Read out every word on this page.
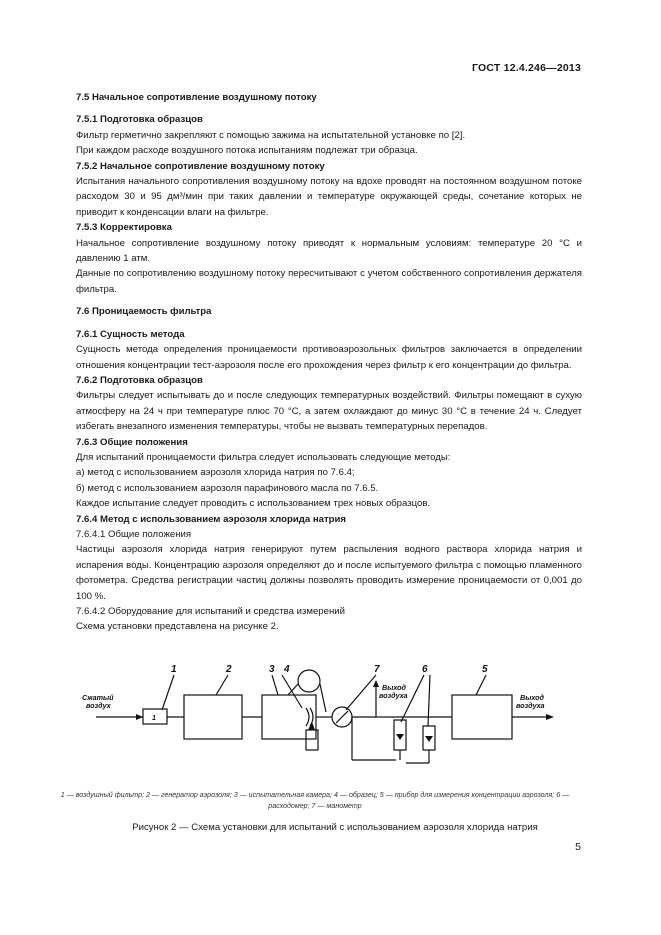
ГОСТ 12.4.246—2013

7.5 Начальное сопротивление воздушному потоку

7.5.1 Подготовка образцов

Фильтр герметично закрепляют с помощью зажима на испытательной установке по [2].

При каждом расходе воздушного потока испытаниям подлежат три образца.

7.5.2 Начальное сопротивление воздушному потоку

Испытания начального сопротивления воздушному потоку на вдохе проводят на постоянном воздушном потоке расходом 30 и 95 дм³/мин при таких давлении и температуре окружающей среды, сочетание которых не приводит к конденсации влаги на фильтре.

7.5.3 Корректировка

Начальное сопротивление воздушному потоку приводят к нормальным условиям: температуре 20 °C и давлению 1 атм.

Данные по сопротивлению воздушному потоку пересчитывают с учетом собственного сопротивления держателя фильтра.

7.6 Проницаемость фильтра

7.6.1 Сущность метода

Сущность метода определения проницаемости противоаэрозольных фильтров заключается в определении отношения концентрации тест-аэрозоля после его прохождения через фильтр к его концентрации до фильтра.

7.6.2 Подготовка образцов

Фильтры следует испытывать до и после следующих температурных воздействий. Фильтры помещают в сухую атмосферу на 24 ч при температуре плюс 70 °C, а затем охлаждают до минус 30 °C в течение 24 ч. Следует избегать внезапного изменения температуры, чтобы не вызвать температурных перепадов.

7.6.3 Общие положения

Для испытаний проницаемости фильтра следует использовать следующие методы:

а) метод с использованием аэрозоля хлорида натрия по 7.6.4;

б) метод с использованием аэрозоля парафинового масла по 7.6.5.

Каждое испытание следует проводить с использованием трех новых образцов.

7.6.4 Метод с использованием аэрозоля хлорида натрия

7.6.4.1 Общие положения

Частицы аэрозоля хлорида натрия генерируют путем распыления водного раствора хлорида натрия и испарения воды. Концентрацию аэрозоля определяют до и после испытуемого фильтра с помощью пламенного фотометра. Средства регистрации частиц должны позволять проводить измерение проницаемости от 0,001 до 100 %.

7.6.4.2 Оборудование для испытаний и средства измерений

Схема установки представлена на рисунке 2.

Сжатый
воздух
Выход
воздуха	Выход
воздуха
1	2	3 4	7	6	5
1
1 — воздушный фильтр; 2 — генератор аэрозоля; 3 — испытательная камера; 4 — образец; 5 — прибор для измерения концентрации аэрозоля; 6 — расходомер; 7 — манометр
Рисунок 2 — Схема установки для испытаний с использованием аэрозоля хлорида натрия
5
